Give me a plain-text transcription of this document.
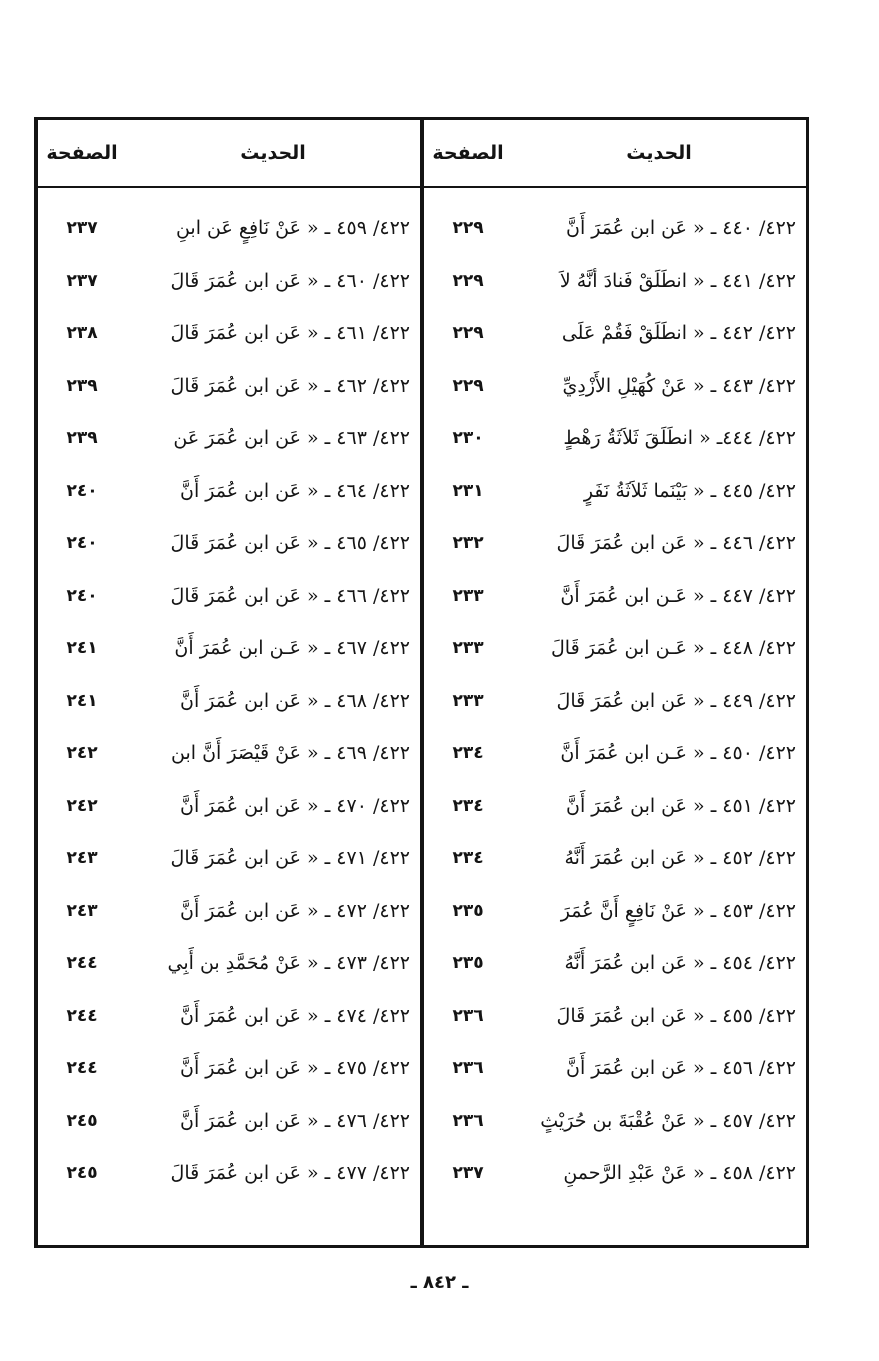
الحديث
٤٢٢/ ٤٤٠ ـ « عَن ابن عُمَرَ أَنَّ
٤٢٢/ ٤٤١ ـ « انطَلَقْ فَنادَ أنَّهُ لاَ
٤٢٢/ ٤٤٢ ـ « انطَلَقْ فَقُمْ عَلَى
٤٢٢/ ٤٤٣ ـ « عَنْ كُهَيْلِ الأَزْدِيِّ
٤٢٢/ ٤٤٤ـ « انطَلَقَ ثَلاَثَةُ رَهْطٍ
٤٢٢/ ٤٤٥ ـ « بَيْنَما ثَلاَثَةُ نَفَرٍ
٤٢٢/ ٤٤٦ ـ « عَن ابن عُمَرَ قَالَ
٤٢٢/ ٤٤٧ ـ « عَـن ابن عُمَرَ أَنَّ
٤٢٢/ ٤٤٨ ـ « عَـن ابن عُمَرَ قَالَ
٤٢٢/ ٤٤٩ ـ « عَن ابن عُمَرَ قَالَ
٤٢٢/ ٤٥٠ ـ « عَـن ابن عُمَرَ أَنَّ
٤٢٢/ ٤٥١ ـ « عَن ابن عُمَرَ أَنَّ
٤٢٢/ ٤٥٢ ـ « عَن ابن عُمَرَ أَنَّهُ
٤٢٢/ ٤٥٣ ـ « عَنْ نَافِعٍ أَنَّ عُمَرَ
٤٢٢/ ٤٥٤ ـ « عَن ابن عُمَرَ أَنَّهُ
٤٢٢/ ٤٥٥ ـ « عَن ابن عُمَرَ قَالَ
٤٢٢/ ٤٥٦ ـ « عَن ابن عُمَرَ أَنَّ
٤٢٢/ ٤٥٧ ـ « عَنْ عُقْبَةَ بن حُرَيْثٍ
٤٢٢/ ٤٥٨ ـ « عَنْ عَبْدِ الرَّحمنِ
الصفحة
٢٢٩
٢٢٩
٢٢٩
٢٢٩
٢٣٠
٢٣١
٢٣٢
٢٣٣
٢٣٣
٢٣٣
٢٣٤
٢٣٤
٢٣٤
٢٣٥
٢٣٥
٢٣٦
٢٣٦
٢٣٦
٢٣٧
الحديث
٤٢٢/ ٤٥٩ ـ « عَنْ نَافِعٍ عَن ابنِ
٤٢٢/ ٤٦٠ ـ « عَن ابن عُمَرَ قَالَ
٤٢٢/ ٤٦١ ـ « عَن ابن عُمَرَ قَالَ
٤٢٢/ ٤٦٢ ـ « عَن ابن عُمَرَ قَالَ
٤٢٢/ ٤٦٣ ـ « عَن ابن عُمَرَ عَن
٤٢٢/ ٤٦٤ ـ « عَن ابن عُمَرَ أَنَّ
٤٢٢/ ٤٦٥ ـ « عَن ابن عُمَرَ قَالَ
٤٢٢/ ٤٦٦ ـ « عَن ابن عُمَرَ قَالَ
٤٢٢/ ٤٦٧ ـ « عَـن ابن عُمَرَ أَنَّ
٤٢٢/ ٤٦٨ ـ « عَن ابن عُمَرَ أَنَّ
٤٢٢/ ٤٦٩ ـ « عَنْ قَيْصَرَ أَنَّ ابن
٤٢٢/ ٤٧٠ ـ « عَن ابن عُمَرَ أَنَّ
٤٢٢/ ٤٧١ ـ « عَن ابن عُمَرَ قَالَ
٤٢٢/ ٤٧٢ ـ « عَن ابن عُمَرَ أَنَّ
٤٢٢/ ٤٧٣ ـ « عَنْ مُحَمَّدِ بن أَبِي
٤٢٢/ ٤٧٤ ـ « عَن ابن عُمَرَ أَنَّ
٤٢٢/ ٤٧٥ ـ « عَن ابن عُمَرَ أَنَّ
٤٢٢/ ٤٧٦ ـ « عَن ابن عُمَرَ أَنَّ
٤٢٢/ ٤٧٧ ـ « عَن ابن عُمَرَ قَالَ
الصفحة
٢٣٧
٢٣٧
٢٣٨
٢٣٩
٢٣٩
٢٤٠
٢٤٠
٢٤٠
٢٤١
٢٤١
٢٤٢
٢٤٢
٢٤٣
٢٤٣
٢٤٤
٢٤٤
٢٤٤
٢٤٥
٢٤٥
ـ ٨٤٢ ـ
